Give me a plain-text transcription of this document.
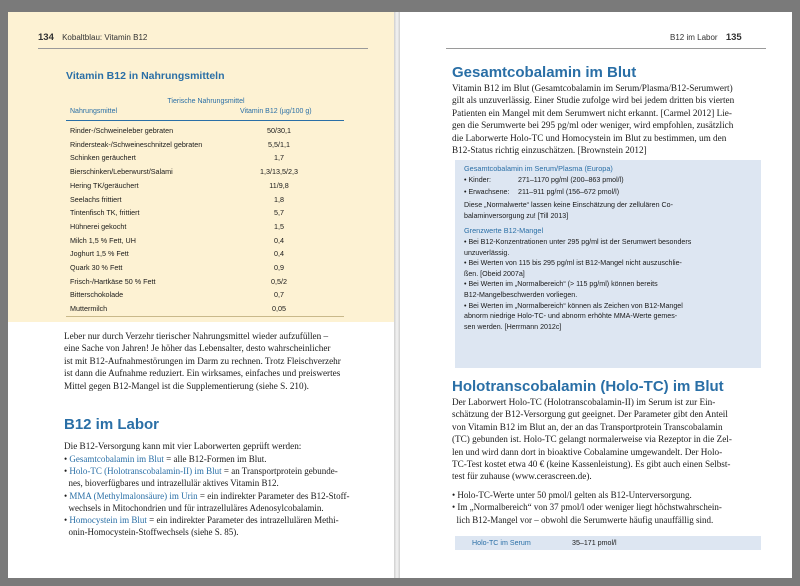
134 Kobaltblau: Vitamin B12
Vitamin B12 in Nahrungsmitteln
Tierische Nahrungsmittel
Nahrungsmittel	Vitamin B12 (µg/100 g)
Rinder-/Schweineleber gebraten	50/30,1
Rindersteak-/Schweineschnitzel gebraten	5,5/1,1
Schinken geräuchert	1,7
Bierschinken/Leberwurst/Salami	1,3/13,5/2,3
Hering TK/geräuchert	11/9,8
Seelachs frittiert	1,8
Tintenfisch TK, frittiert	5,7
Hühnerei gekocht	1,5
Milch 1,5 % Fett, UH	0,4
Joghurt 1,5 % Fett	0,4
Quark 30 % Fett	0,9
Frisch-/Hartkäse 50 % Fett	0,5/2
Bitterschokolade	0,7
Muttermilch	0,05

Leber nur durch Verzehr tierischer Nahrungsmittel wieder aufzufüllen –
eine Sache von Jahren! Je höher das Lebensalter, desto wahrscheinlicher
ist mit B12-Aufnahmestörungen im Darm zu rechnen. Trotz Fleischverzehr
ist dann die Aufnahme reduziert. Ein wirksames, einfaches und preiswertes
Mittel gegen B12-Mangel ist die Supplementierung (siehe S. 210).

B12 im Labor

Die B12-Versorgung kann mit vier Laborwerten geprüft werden:

• Gesamtcobalamin im Blut = alle B12-Formen im Blut.
• Holo-TC (Holotranscobalamin-II) im Blut = an Transportprotein gebunde-
nes, bioverfügbares und intrazellulär aktives Vitamin B12.
• MMA (Methylmalonsäure) im Urin = ein indirekter Parameter des B12-Stoff-
wechsels in Mitochondrien und für intrazelluläres Adenosylcobalamin.
• Homocystein im Blut = ein indirekter Parameter des intrazellulären Methi-
onin-Homocystein-Stoffwechsels (siehe S. 85).
B12 im Labor 135
Gesamtcobalamin im Blut

Vitamin B12 im Blut (Gesamtcobalamin im Serum/Plasma/B12-Serumwert)
gilt als unzuverlässig. Einer Studie zufolge wird bei jedem dritten bis vierten
Patienten ein Mangel mit dem Serumwert nicht erkannt. [Carmel 2012] Lie-
gen die Serumwerte bei 295 pg/ml oder weniger, wird empfohlen, zusätzlich
die Laborwerte Holo-TC und Homocystein im Blut zu bestimmen, um den
B12-Status richtig einzuschätzen. [Brownstein 2012]

Gesamtcobalamin im Serum/Plasma (Europa)
• Kinder:	271–1170 pg/ml (200–863 pmol/l)
• Erwachsene: 211–911 pg/ml (156–672 pmol/l)

Diese „Normalwerte“ lassen keine Einschätzung der zellulären Co-
balaminversorgung zu! [Till 2013]

Grenzwerte B12-Mangel

• Bei B12-Konzentrationen unter 295 pg/ml ist der Serumwert besonders
unzuverlässig.
• Bei Werten von 115 bis 295 pg/ml ist B12-Mangel nicht auszuschlie-
ßen. [Obeid 2007a]
• Bei Werten im „Normalbereich“ (> 115 pg/ml) können bereits
B12-Mangelbeschwerden vorliegen.
• Bei Werten im „Normalbereich“ können als Zeichen von B12-Mangel
abnorm niedrige Holo-TC- und abnorm erhöhte MMA-Werte gemes-
sen werden. [Herrmann 2012c]

Holotranscobalamin (Holo-TC) im Blut

Der Laborwert Holo-TC (Holotranscobalamin-II) im Serum ist zur Ein-
schätzung der B12-Versorgung gut geeignet. Der Parameter gibt den Anteil
von Vitamin B12 im Blut an, der an das Transportprotein Transcobalamin
(TC) gebunden ist. Holo-TC gelangt normalerweise via Rezeptor in die Zel-
len und wird dann dort in bioaktive Cobalamine umgewandelt. Der Holo-
TC-Test kostet etwa 40 € (keine Kassenleistung). Es gibt auch einen Selbst-
test für zuhause (www.cerascreen.de).

• Holo-TC-Werte unter 50 pmol/l gelten als B12-Unterversorgung.
• Im „Normalbereich“ von 37 pmol/l oder weniger liegt höchstwahrschein-
lich B12-Mangel vor – obwohl die Serumwerte häufig unauffällig sind.

Holo-TC im Serum	35–171 pmol/l
